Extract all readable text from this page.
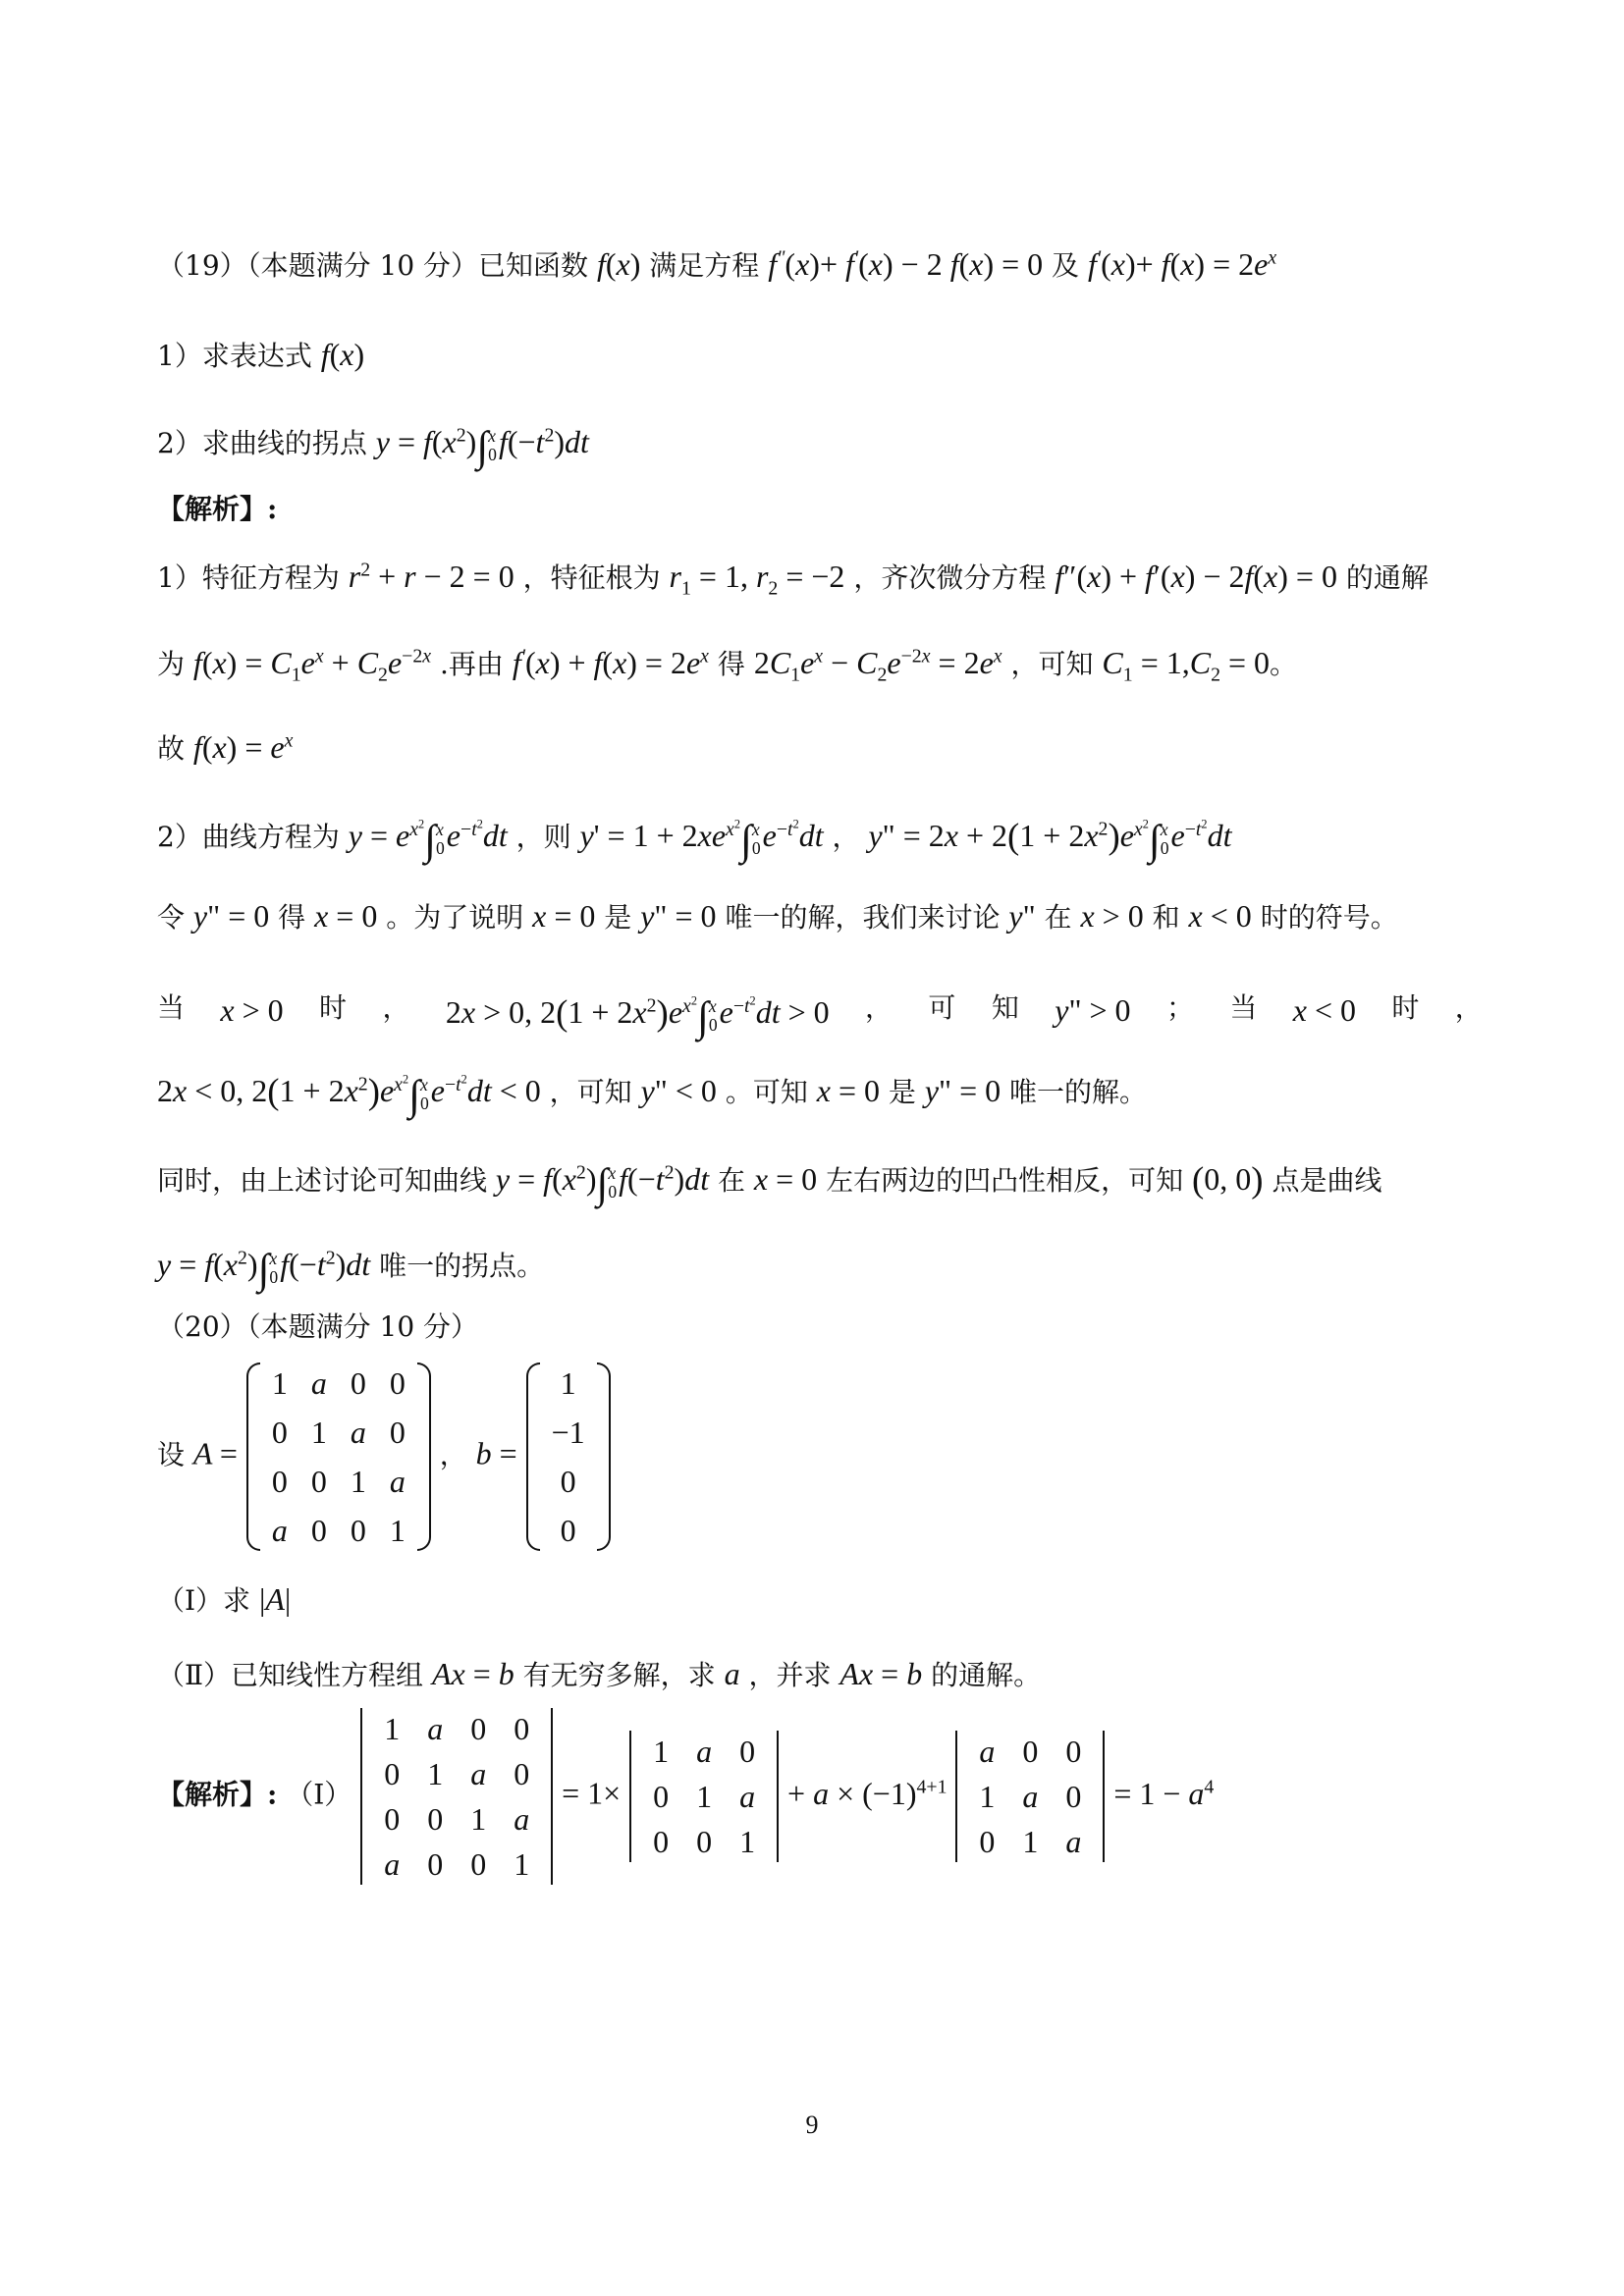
（19）（本题满分 10 分）已知函数 f(x) 满足方程 f"(x)+ f'(x) − 2 f(x) = 0 及 $f'(x)+ f(x) = 2e^x$
1）求表达式 f(x)
2）求曲线的拐点 $y = f(x^2)\int$ x
0 $f(-t^2)dt$
【解析】:
1）特征方程为 $r^2 + r - 2 = 0$ ，特征根为 $r_1 = 1$, $r_2 = -2$ ，齐次微分方程 f″(x) + f′(x) − 2f(x) = 0 的通解
为 $f(x) = C_1e^x + C_2e^{-2x}$ .再由 $f'(x) + f(x) = 2e^x$ 得 $2C_1e^x - C_2e^{-2x} = 2e^x$ ，可知 $C_1 = 1,C_2 = 0$。
故 $f(x) = e^x$
2）曲线方程为 $y = e^{x^2}\int$ x
0 $e^{-t^2}dt$ ，则 $y' = 1 + 2xe^{x^2}\int$ x
0 $e^{-t^2}dt$ ， y" = $2x + 2(1 + 2x^2)e^{x^2}\int$ x
0 $e^{-t^2}dt$
令 y" = 0 得 x = 0 。为了说明 x = 0 是 y" = 0 唯一的解，我们来讨论 y" 在 x > 0 和 x < 0 时的符号。
当 x > 0 时 ， 2x > 0, $2(1 + 2x^2)e^{x^2}\int$ x
0 $e^{-t^2}dt > 0$ ， 可 知 y" > 0 ； 当 x < 0 时 ，
2x < 0, $2(1 + 2x^2)e^{x^2}\int$ x
0 $e^{-t^2}dt < 0$ ，可知 y" < 0 。可知 x = 0 是 y" = 0 唯一的解。
同时，由上述讨论可知曲线 $y = f(x^2)\int$ x
0 $f(-t^2)dt$ 在 x = 0 左右两边的凹凸性相反，可知 (0, 0) 点是曲线
$y = f(x^2)\int$ x
0 $f(-t^2)dt$ 唯一的拐点。
（20）（本题满分 10 分）
设 A =
1	a	0	0
0	1	a	0
0	0	1	a
a	0	0	1
， b =
1
−1
0
0
（Ⅰ）求 |A|
（Ⅱ）已知线性方程组 Ax = b 有无穷多解，求 a ，并求 Ax = b 的通解。
【解析】: （Ⅰ）
1	a	0	0
0	1	a	0
0	0	1	a
a	0	0	1
= 1×
1	a	0
0	1	a
0	0	1
+ $a \times (-1)^{4+1}$
a	0	0
1	a	0
0	1	a
= $1 - a^4$
9
